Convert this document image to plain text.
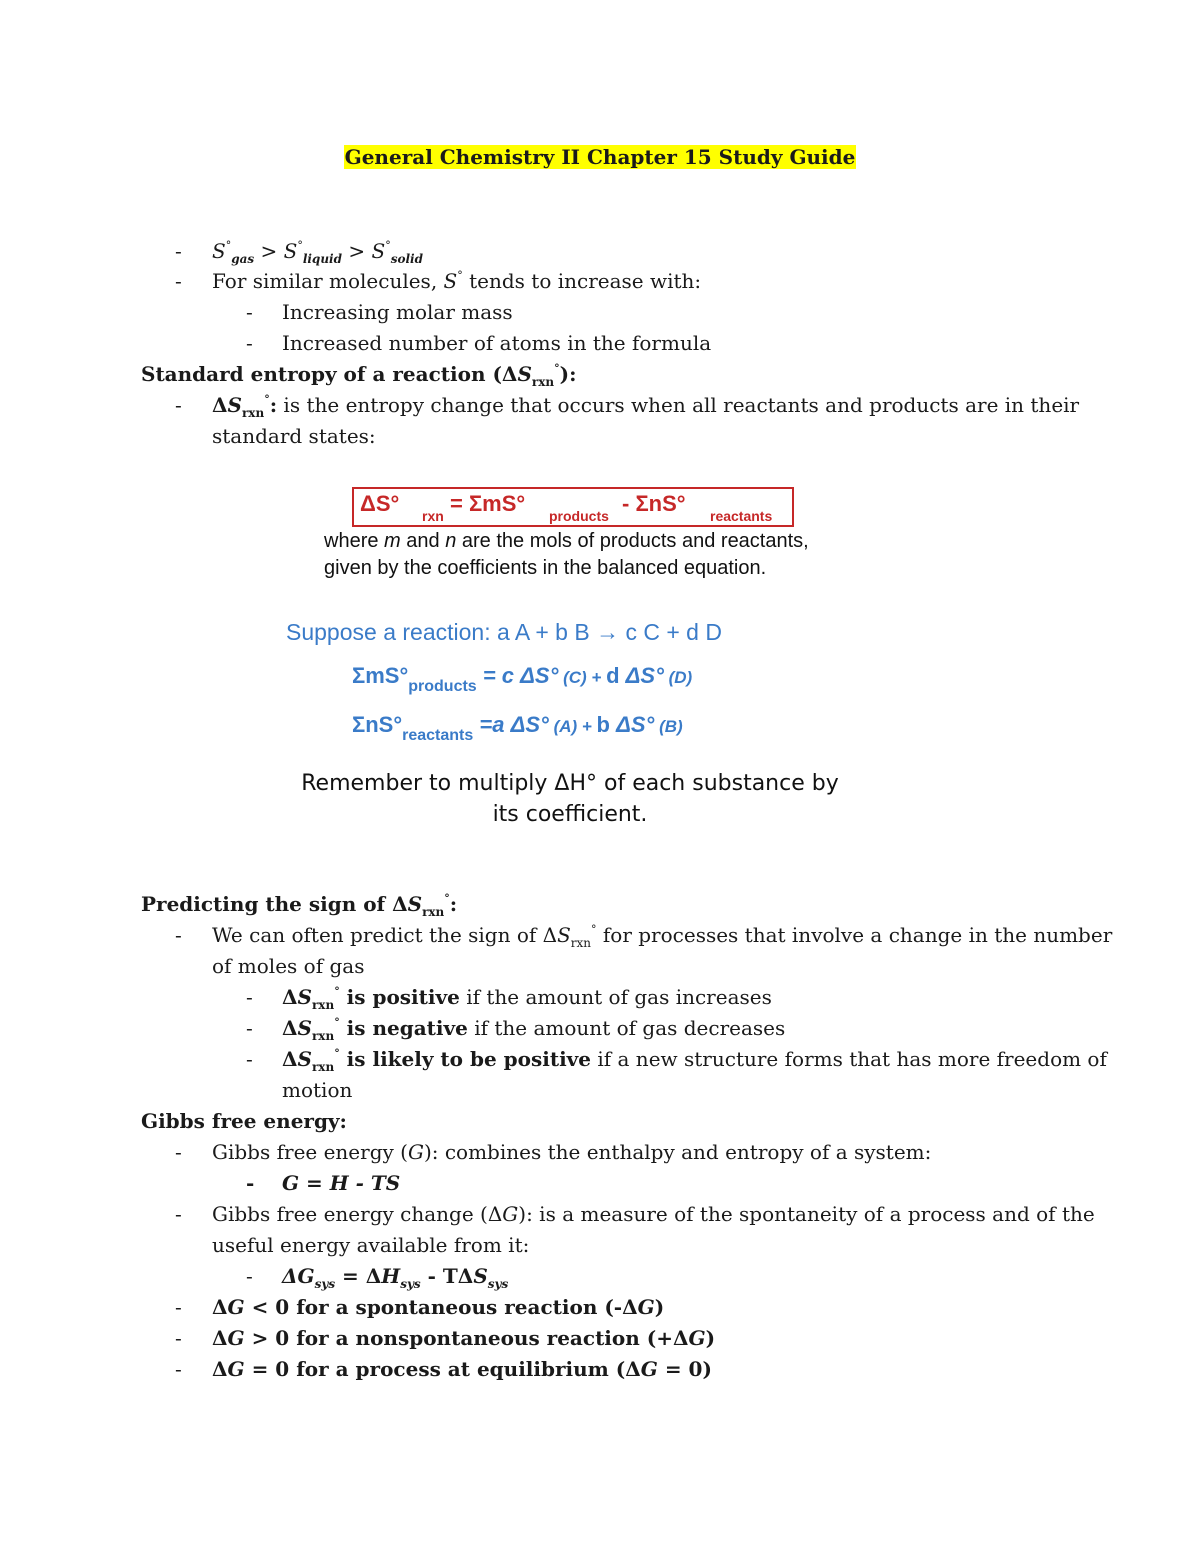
General Chemistry II Chapter 15 Study Guide
- $S^\circ_{gas} > S^\circ_{liquid} > S^\circ_{solid}$
- For similar molecules, S° tends to increase with:
- Increasing molar mass
- Increased number of atoms in the formula
Standard entropy of a reaction $(\Delta S_{rxn}^\circ)$:
- $\Delta S_{rxn}^\circ$: is the entropy change that occurs when all reactants and products are in their
standard states:
ΔS° rxn = ΣmS° products - ΣnS° reactants
where m and n are the mols of products and reactants,
given by the coefficients in the balanced equation.
Suppose a reaction: a A + b B → c C + d D
$\Sigma mS^\circ_{products} = c$ ΔS° (C) + d ΔS° (D)
$\Sigma nS^\circ_{reactants} =a$ ΔS° (A) + b ΔS° (B)
Remember to multiply ΔH° of each substance by
its coefficient.
Predicting the sign of $\Delta S_{rxn}^\circ$:
- We can often predict the sign of $\Delta S_{rxn}^\circ$ for processes that involve a change in the number
of moles of gas
- $\Delta S_{rxn}^\circ$ is positive if the amount of gas increases
- $\Delta S_{rxn}^\circ$ is negative if the amount of gas decreases
- $\Delta S_{rxn}^\circ$ is likely to be positive if a new structure forms that has more freedom of
motion
Gibbs free energy:
- Gibbs free energy (G): combines the enthalpy and entropy of a system:
- G = H - TS
- Gibbs free energy change (ΔG): is a measure of the spontaneity of a process and of the
useful energy available from it:
- $\Delta G_{sys} = \Delta H_{sys} - T\Delta S_{sys}$
- ΔG < 0 for a spontaneous reaction (-ΔG)
- ΔG > 0 for a nonspontaneous reaction (+ΔG)
- ΔG = 0 for a process at equilibrium (ΔG = 0)
